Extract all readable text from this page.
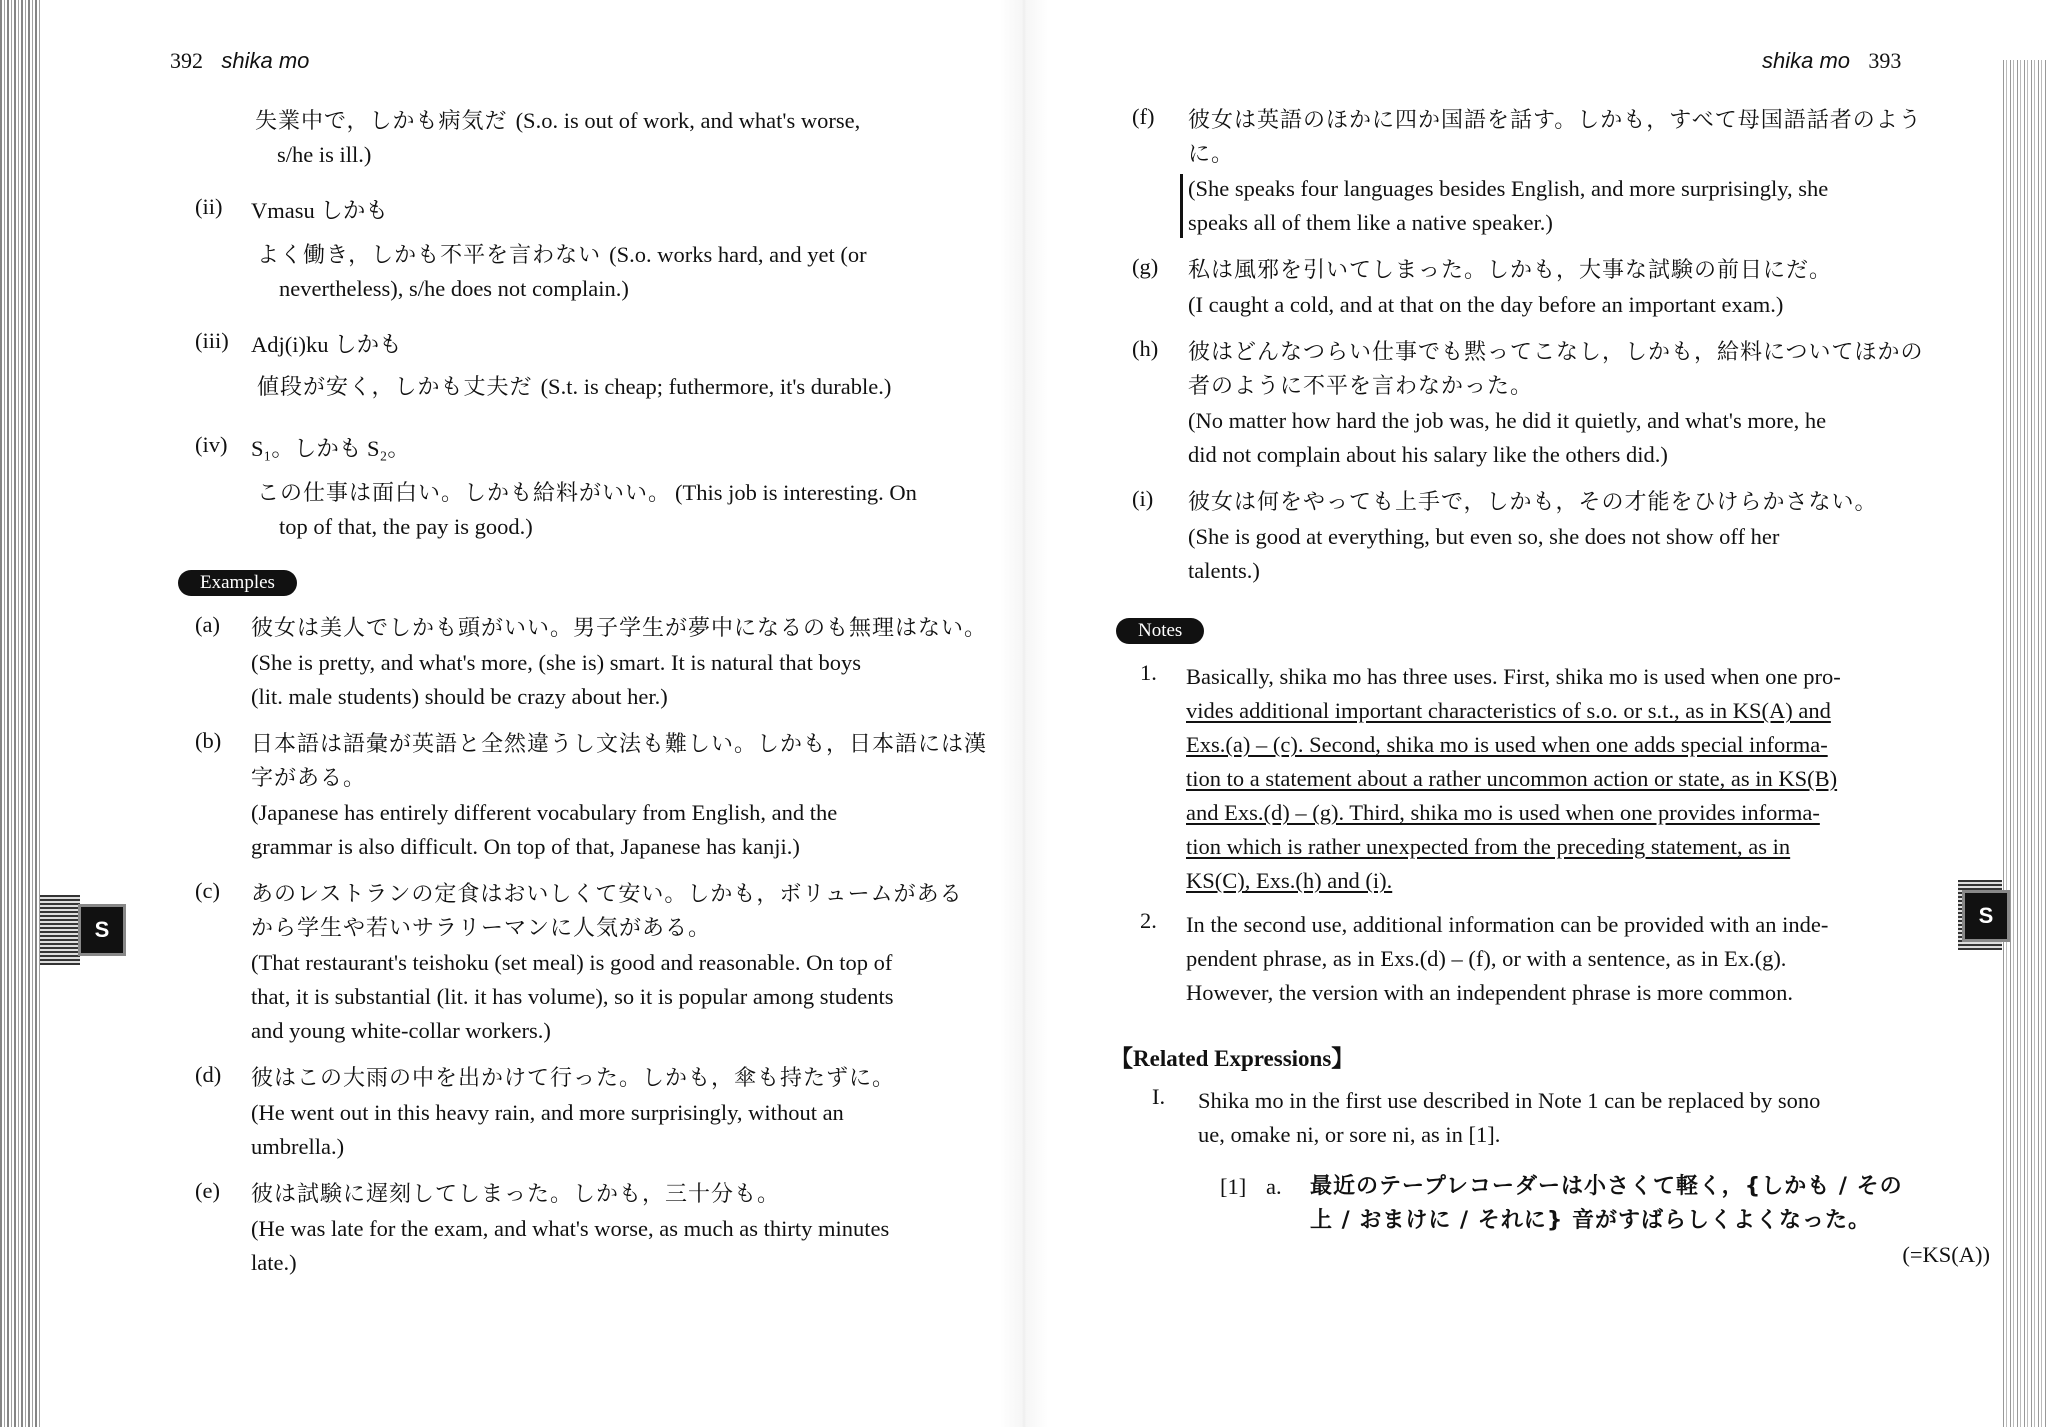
392 shika mo
失業中で，しかも病気だ (S.o. is out of work, and what's worse,
s/he is ill.)
(ii)	Vmasu しかも
よく働き，しかも不平を言わない (S.o. works hard, and yet (or
nevertheless), s/he does not complain.)
(iii) Adj(i)ku しかも
値段が安く，しかも丈夫だ (S.t. is cheap; futhermore, it's durable.)
(iv)	S₁。しかも S₂。
この仕事は面白い。しかも給料がいい。 (This job is interesting. On
top of that, the pay is good.)
Examples
(a)	彼女は美人でしかも頭がいい。男子学生が夢中になるのも無理はない。
(She is pretty, and what's more, (she is) smart. It is natural that boys
(lit. male students) should be crazy about her.)
(b)	日本語は語彙が英語と全然違うし文法も難しい。しかも，日本語には漢
字がある。
(Japanese has entirely different vocabulary from English, and the
grammar is also difficult. On top of that, Japanese has kanji.)
(c)	あのレストランの定食はおいしくて安い。しかも，ボリュームがある
から学生や若いサラリーマンに人気がある。
(That restaurant's teishoku (set meal) is good and reasonable. On top of
that, it is substantial (lit. it has volume), so it is popular among students
and young white-collar workers.)
(d)	彼はこの大雨の中を出かけて行った。しかも，傘も持たずに。
(He went out in this heavy rain, and more surprisingly, without an
umbrella.)
(e)	彼は試験に遅刻してしまった。しかも，三十分も。
(He was late for the exam, and what's worse, as much as thirty minutes
late.)
S
shika mo 393
(f)	彼女は英語のほかに四か国語を話す。しかも，すべて母国語話者のよう
に。
(She speaks four languages besides English, and more surprisingly, she
speaks all of them like a native speaker.)
(g)	私は風邪を引いてしまった。しかも，大事な試験の前日にだ。
(I caught a cold, and at that on the day before an important exam.)
(h)	彼はどんなつらい仕事でも黙ってこなし，しかも，給料についてほかの
者のように不平を言わなかった。
(No matter how hard the job was, he did it quietly, and what's more, he
did not complain about his salary like the others did.)
(i)	彼女は何をやっても上手で，しかも，その才能をひけらかさない。
(She is good at everything, but even so, she does not show off her
talents.)
Notes
1.	Basically, shika mo has three uses. First, shika mo is used when one pro-
vides additional important characteristics of s.o. or s.t., as in KS(A) and
Exs.(a) – (c). Second, shika mo is used when one adds special informa-
tion to a statement about a rather uncommon action or state, as in KS(B)
and Exs.(d) – (g). Third, shika mo is used when one provides informa-
tion which is rather unexpected from the preceding statement, as in
KS(C), Exs.(h) and (i).
2.	In the second use, additional information can be provided with an inde-
pendent phrase, as in Exs.(d) – (f), or with a sentence, as in Ex.(g).
However, the version with an independent phrase is more common.
【Related Expressions】
I.	Shika mo in the first use described in Note 1 can be replaced by sono
ue, omake ni, or sore ni, as in [1].
[1] a.	最近のテープレコーダーは小さくて軽く，{しかも / その
上 / おまけに / それに} 音がすばらしくよくなった。
(=KS(A))
S
